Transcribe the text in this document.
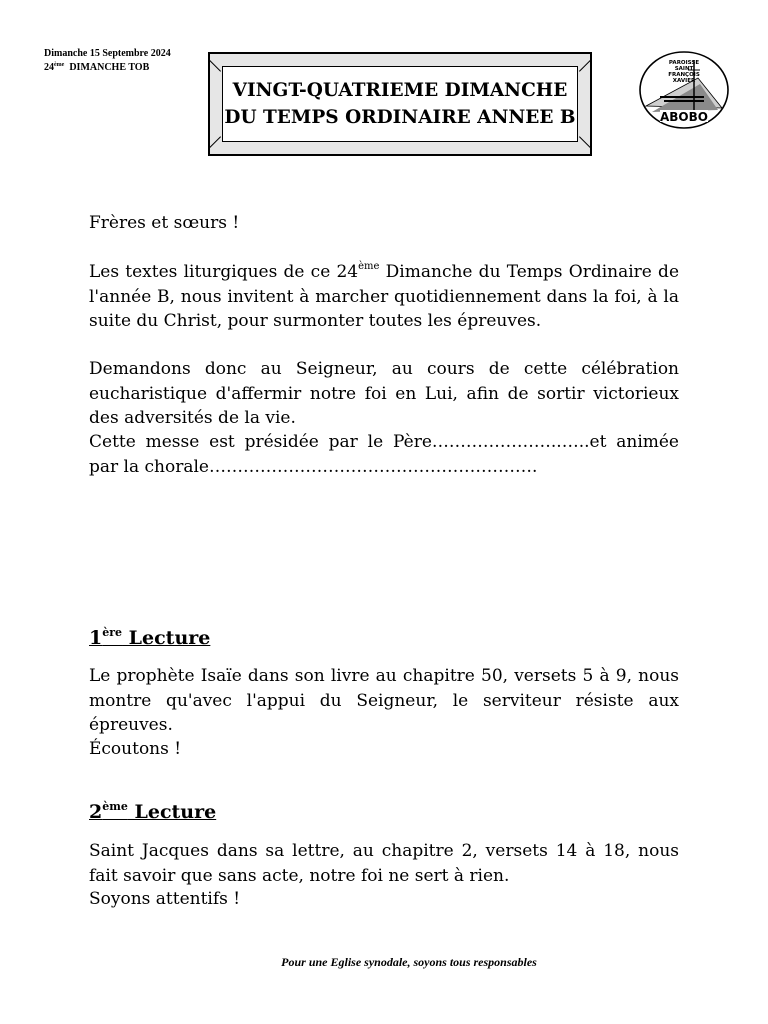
Dimanche 15 Septembre 2024
24ème DIMANCHE TOB
VINGT-QUATRIEME DIMANCHE
DU TEMPS ORDINAIRE ANNEE B
PAROISSE
SAINT
FRANÇOIS
XAVIER
ABOBO
Frères et sœurs !
Les textes liturgiques de ce 24ème Dimanche du Temps Ordinaire de l'année B, nous invitent à marcher quotidiennement dans la foi, à la suite du Christ, pour surmonter toutes les épreuves.
Demandons donc au Seigneur, au cours de cette célébration eucharistique d'affermir notre foi en Lui, afin de sortir victorieux des adversités de la vie.
Cette messe est présidée par le Père…………………..…..et animée par la chorale………………………………………………….
1ère Lecture
Le prophète Isaïe dans son livre au chapitre 50, versets 5 à 9, nous montre qu'avec l'appui du Seigneur, le serviteur résiste aux épreuves.
Écoutons !
2ème Lecture
Saint Jacques dans sa lettre, au chapitre 2, versets 14 à 18, nous fait savoir que sans acte, notre foi ne sert à rien.
Soyons attentifs !
Pour une Eglise synodale, soyons tous responsables
